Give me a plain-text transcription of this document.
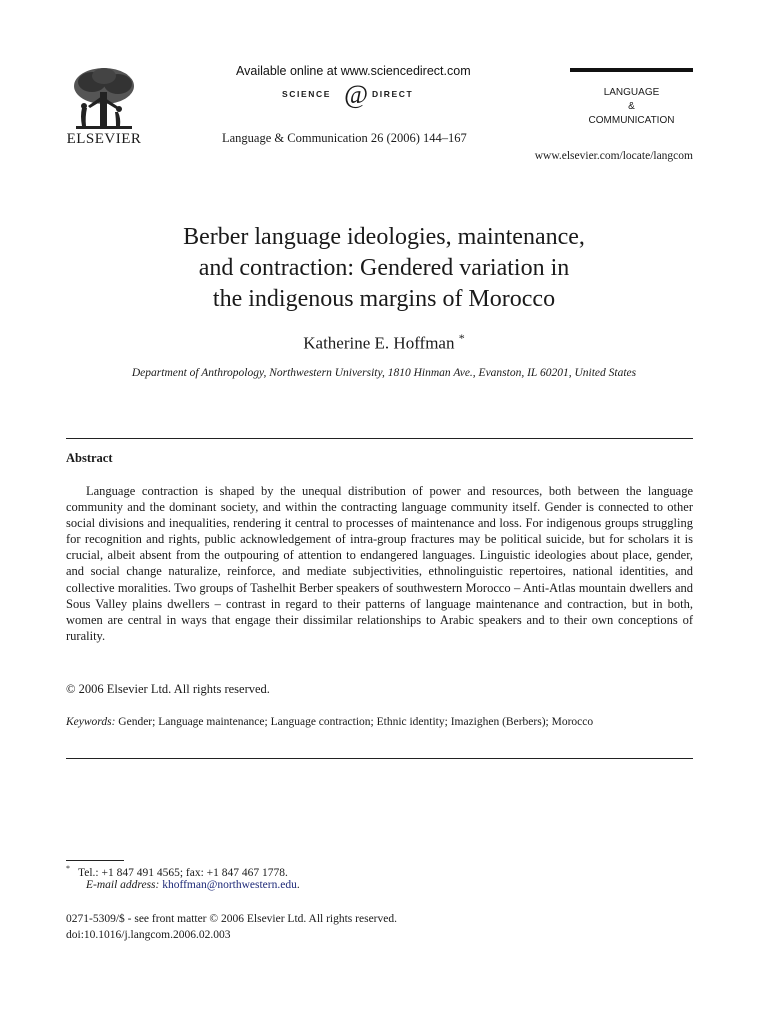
ELSEVIER
Available online at www.sciencedirect.com
SCIENCE @ DIRECT
Language & Communication 26 (2006) 144–167
LANGUAGE
&
COMMUNICATION
www.elsevier.com/locate/langcom
Berber language ideologies, maintenance,
and contraction: Gendered variation in
the indigenous margins of Morocco
Katherine E. Hoffman *
Department of Anthropology, Northwestern University, 1810 Hinman Ave., Evanston, IL 60201, United States
Abstract
Language contraction is shaped by the unequal distribution of power and resources, both between the language community and the dominant society, and within the contracting language community itself. Gender is connected to other social divisions and inequalities, rendering it central to processes of maintenance and loss. For indigenous groups struggling for recognition and rights, public acknowledgement of intra-group fractures may be political suicide, but for scholars it is crucial, albeit absent from the outpouring of attention to endangered languages. Linguistic ideologies about place, gender, and social change naturalize, reinforce, and mediate subjectivities, ethnolinguistic repertoires, national identities, and collective moralities. Two groups of Tashelhit Berber speakers of southwestern Morocco – Anti-Atlas mountain dwellers and Sous Valley plains dwellers – contrast in regard to their patterns of language maintenance and contraction, but in both, women are central in ways that engage their dissimilar relationships to Arabic speakers and to their own conceptions of rurality.
© 2006 Elsevier Ltd. All rights reserved.
Keywords: Gender; Language maintenance; Language contraction; Ethnic identity; Imazighen (Berbers); Morocco
* Tel.: +1 847 491 4565; fax: +1 847 467 1778.
E-mail address: khoffman@northwestern.edu.
0271-5309/$ - see front matter © 2006 Elsevier Ltd. All rights reserved.
doi:10.1016/j.langcom.2006.02.003
